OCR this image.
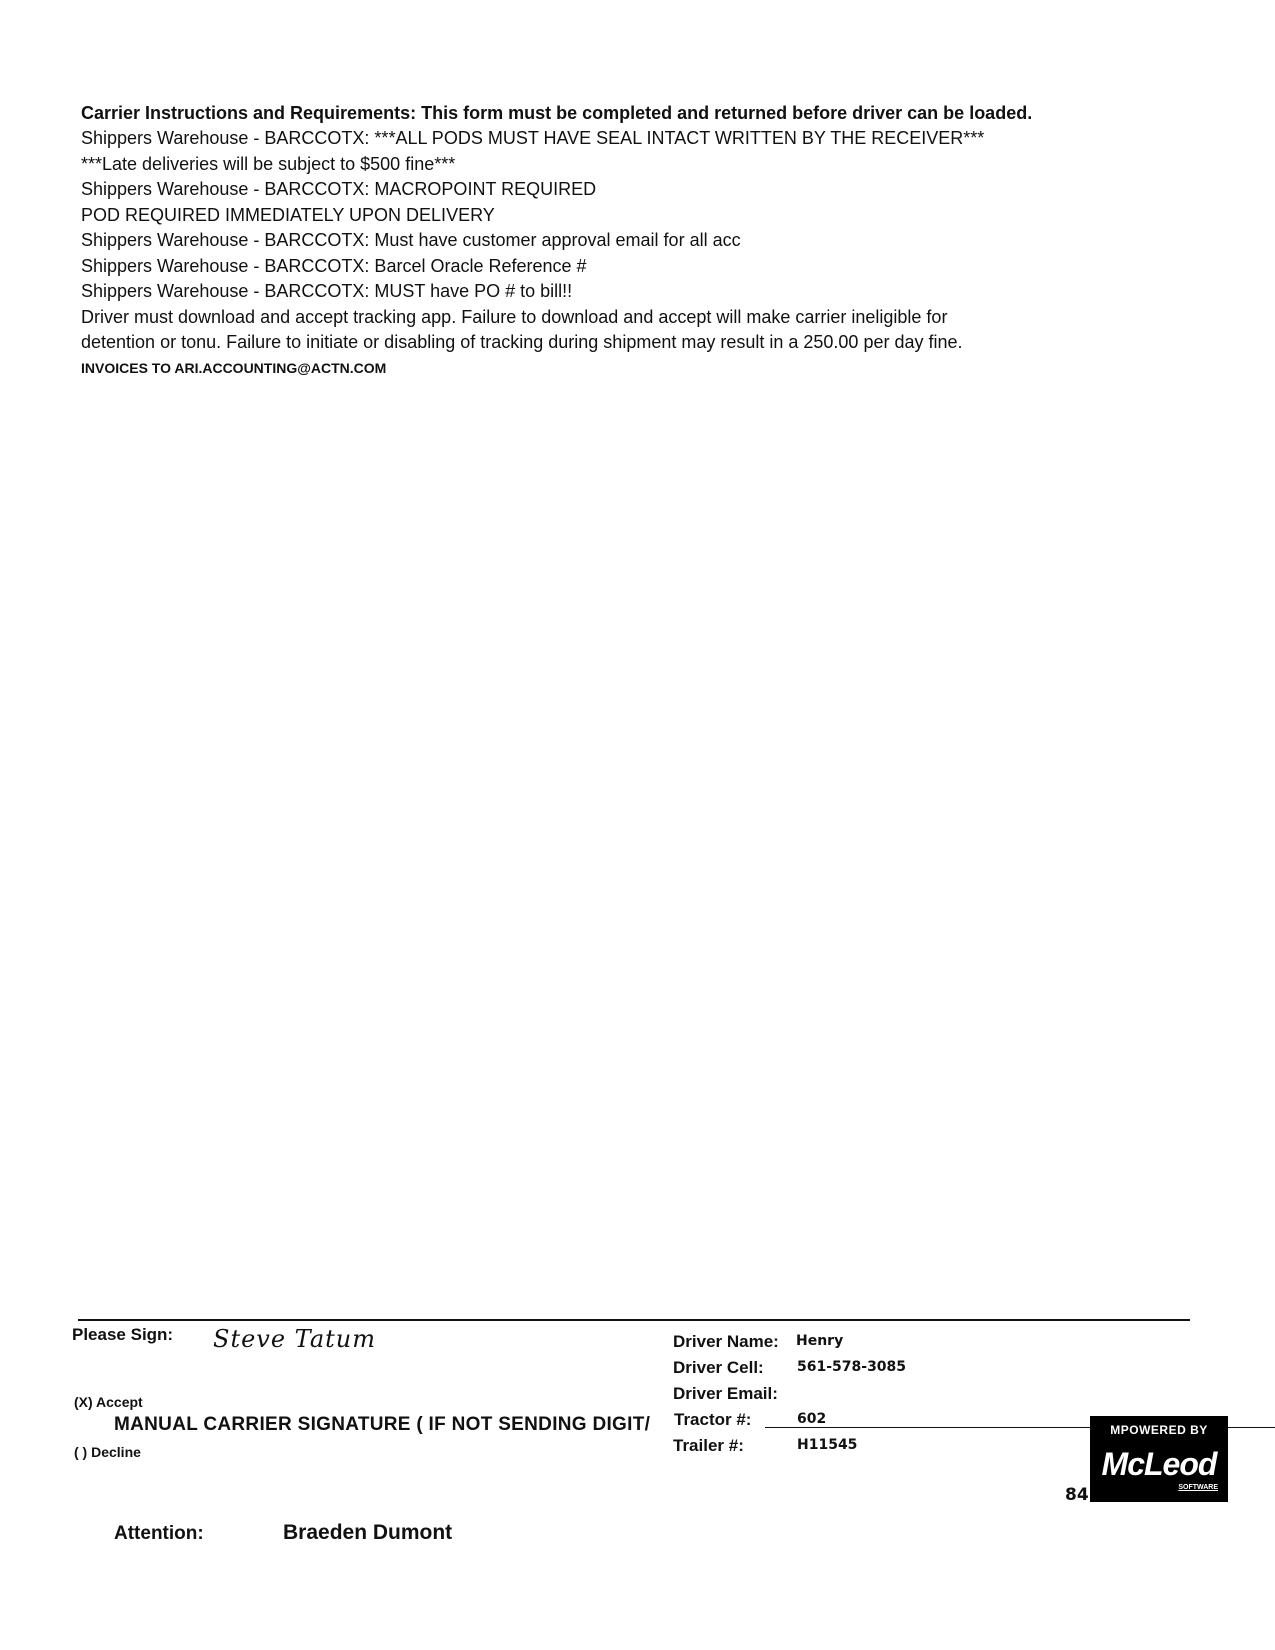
Carrier Instructions and Requirements: This form must be completed and returned before driver can be loaded.
Shippers Warehouse - BARCCOTX: ***ALL PODS MUST HAVE SEAL INTACT WRITTEN BY THE RECEIVER***
***Late deliveries will be subject to $500 fine***
Shippers Warehouse - BARCCOTX: MACROPOINT REQUIRED
POD REQUIRED IMMEDIATELY UPON DELIVERY
Shippers Warehouse - BARCCOTX: Must have customer approval email for all acc
Shippers Warehouse - BARCCOTX: Barcel Oracle Reference #
Shippers Warehouse - BARCCOTX: MUST have PO # to bill!!
Driver must download and accept tracking app. Failure to download and accept will make carrier ineligible for
detention or tonu. Failure to initiate or disabling of tracking during shipment may result in a 250.00 per day fine.
INVOICES TO ARI.ACCOUNTING@ACTN.COM
Please Sign: Steve Tatum
(X) Accept
MANUAL CARRIER SIGNATURE ( IF NOT SENDING DIGIT/
( ) Decline
Driver Name: Henry
Driver Cell: 561-578-3085
Driver Email:
Tractor #:	602
Trailer #:	H11545
84
MPOWERED BY
McLeod
SOFTWARE
Attention:	Braeden Dumont
